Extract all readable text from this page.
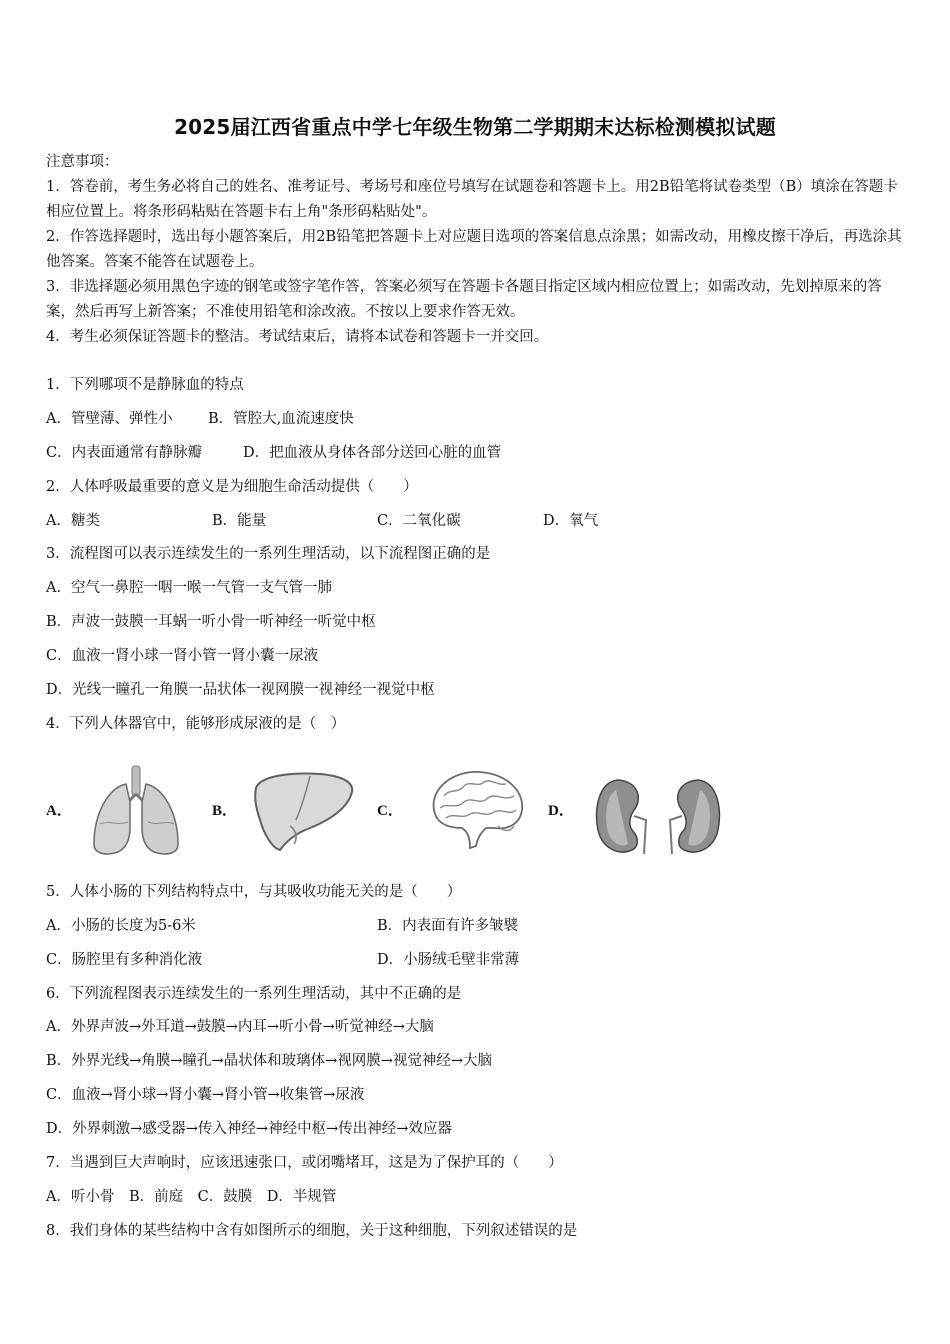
2025届江西省重点中学七年级生物第二学期期末达标检测模拟试题

注意事项：

1．答卷前，考生务必将自己的姓名、准考证号、考场号和座位号填写在试题卷和答题卡上。用2B铅笔将试卷类型（B）填涂在答题卡相应位置上。将条形码粘贴在答题卡右上角"条形码粘贴处"。

2．作答选择题时，选出每小题答案后，用2B铅笔把答题卡上对应题目选项的答案信息点涂黑；如需改动，用橡皮擦干净后，再选涂其他答案。答案不能答在试题卷上。

3．非选择题必须用黑色字迹的钢笔或签字笔作答，答案必须写在答题卡各题目指定区域内相应位置上；如需改动，先划掉原来的答案，然后再写上新答案；不准使用铅笔和涂改液。不按以上要求作答无效。

4．考生必须保证答题卡的整洁。考试结束后，请将本试卷和答题卡一并交回。

1．下列哪项不是静脉血的特点
A．管壁薄、弹性小 B．管腔大,血流速度快
C．内表面通常有静脉瓣	D．把血液从身体各部分送回心脏的血管
2．人体呼吸最重要的意义是为细胞生命活动提供（　　）
A．糖类	B．能量	C．二氧化碳	D．氧气
3．流程图可以表示连续发生的一系列生理活动，以下流程图正确的是
A．空气一鼻腔一咽一喉一气管一支气管一肺
B．声波一鼓膜一耳蜗一听小骨一听神经一听觉中枢
C．血液一肾小球一肾小管一肾小囊一尿液
D．光线一瞳孔一角膜一品状体一视网膜一视神经一视觉中枢
4．下列人体器官中，能够形成尿液的是（　）
A．	B．	C．	D．
5．人体小肠的下列结构特点中，与其吸收功能无关的是（　　）
A．小肠的长度为5-6米	B．内表面有许多皱襞
C．肠腔里有多种消化液	D．小肠绒毛壁非常薄
6．下列流程图表示连续发生的一系列生理活动，其中不正确的是
A．外界声波→外耳道→鼓膜→内耳→听小骨→听觉神经→大脑
B．外界光线→角膜→瞳孔→晶状体和玻璃体→视网膜→视觉神经→大脑
C．血液→肾小球→肾小囊→肾小管→收集管→尿液
D．外界刺激→感受器→传入神经→神经中枢→传出神经→效应器
7．当遇到巨大声响时，应该迅速张口，或闭嘴堵耳，这是为了保护耳的（　　）
A．听小骨　B．前庭　C．鼓膜　D．半规管
8．我们身体的某些结构中含有如图所示的细胞，关于这种细胞，下列叙述错误的是
